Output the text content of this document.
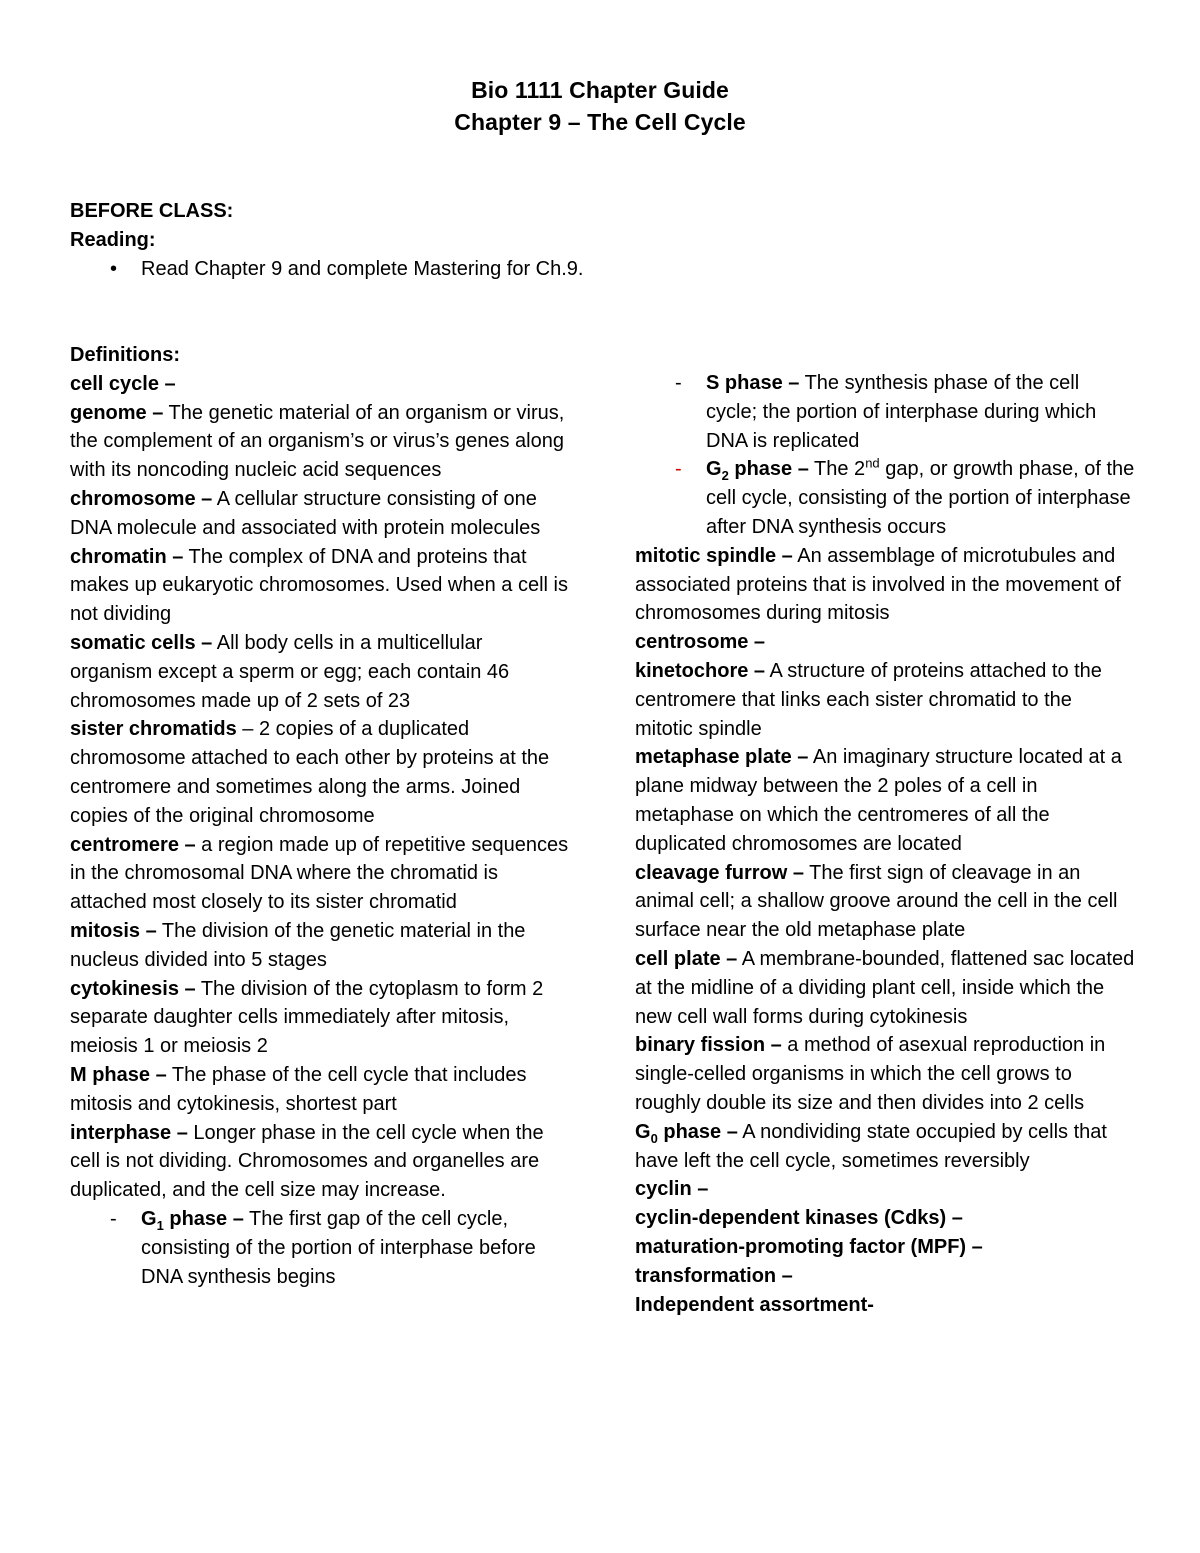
Bio 1111 Chapter Guide
Chapter 9 – The Cell Cycle
BEFORE CLASS:
Reading:
• Read Chapter 9 and complete Mastering for Ch.9.
Definitions:

cell cycle –

genome – The genetic material of an organism or virus, the complement of an organism’s or virus’s genes along with its noncoding nucleic acid sequences

chromosome – A cellular structure consisting of one DNA molecule and associated with protein molecules

chromatin – The complex of DNA and proteins that makes up eukaryotic chromosomes. Used when a cell is not dividing

somatic cells – All body cells in a multicellular organism except a sperm or egg; each contain 46 chromosomes made up of 2 sets of 23

sister chromatids – 2 copies of a duplicated chromosome attached to each other by proteins at the centromere and sometimes along the arms. Joined copies of the original chromosome

centromere – a region made up of repetitive sequences in the chromosomal DNA where the chromatid is attached most closely to its sister chromatid

mitosis – The division of the genetic material in the nucleus divided into 5 stages

cytokinesis – The division of the cytoplasm to form 2 separate daughter cells immediately after mitosis, meiosis 1 or meiosis 2

M phase – The phase of the cell cycle that includes mitosis and cytokinesis, shortest part

interphase – Longer phase in the cell cycle when the cell is not dividing. Chromosomes and organelles are duplicated, and the cell size may increase.

- $G_1$ phase – The first gap of the cell cycle, consisting of the portion of interphase before DNA synthesis begins

- S phase – The synthesis phase of the cell cycle; the portion of interphase during which DNA is replicated

- $G_2$ phase – The 2nd gap, or growth phase, of the cell cycle, consisting of the portion of interphase after DNA synthesis occurs

mitotic spindle – An assemblage of microtubules and associated proteins that is involved in the movement of chromosomes during mitosis

centrosome –

kinetochore – A structure of proteins attached to the centromere that links each sister chromatid to the mitotic spindle

metaphase plate – An imaginary structure located at a plane midway between the 2 poles of a cell in metaphase on which the centromeres of all the duplicated chromosomes are located

cleavage furrow – The first sign of cleavage in an animal cell; a shallow groove around the cell in the cell surface near the old metaphase plate

cell plate – A membrane-bounded, flattened sac located at the midline of a dividing plant cell, inside which the new cell wall forms during cytokinesis

binary fission – a method of asexual reproduction in single-celled organisms in which the cell grows to roughly double its size and then divides into 2 cells

$G_0$ phase – A nondividing state occupied by cells that have left the cell cycle, sometimes reversibly

cyclin –

cyclin-dependent kinases (Cdks) –

maturation-promoting factor (MPF) –

transformation –

Independent assortment-
